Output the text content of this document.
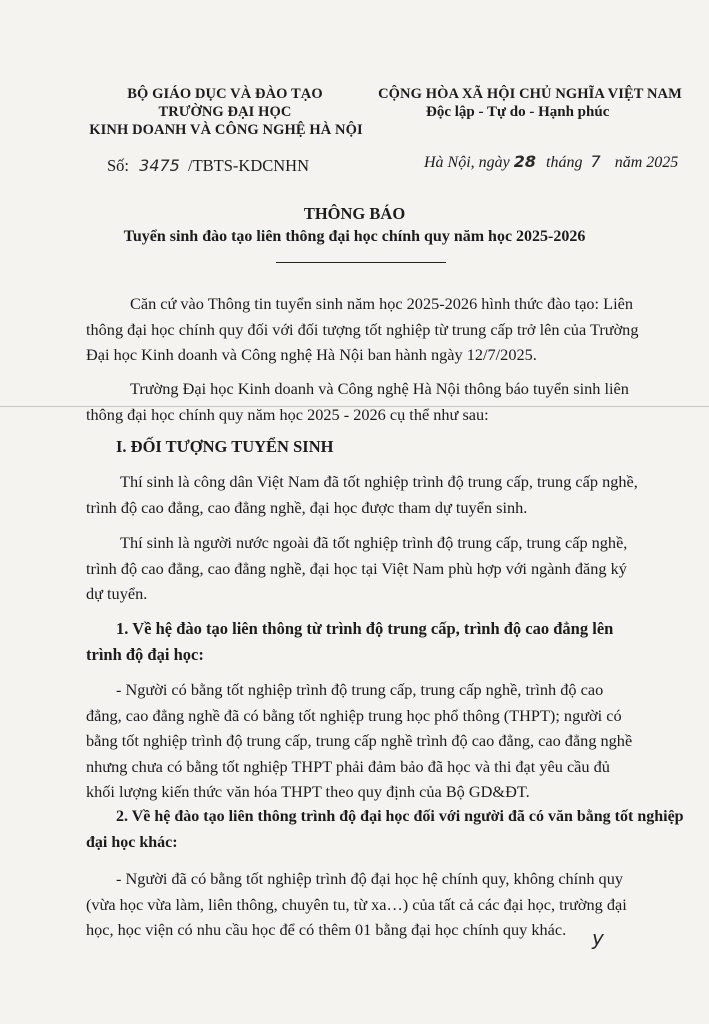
BỘ GIÁO DỤC VÀ ĐÀO TẠO
TRƯỜNG ĐẠI HỌC
KINH DOANH VÀ CÔNG NGHỆ HÀ NỘI
CỘNG HÒA XÃ HỘI CHỦ NGHĨA VIỆT NAM
Độc lập - Tự do - Hạnh phúc
Số: 3475 /TBTS-KDCNHN	Hà Nội, ngày 28 tháng 7 năm 2025
THÔNG BÁO
Tuyển sinh đào tạo liên thông đại học chính quy năm học 2025-2026
Căn cứ vào Thông tin tuyển sinh năm học 2025-2026 hình thức đào tạo: Liên
thông đại học chính quy đối với đối tượng tốt nghiệp từ trung cấp trở lên của Trường
Đại học Kinh doanh và Công nghệ Hà Nội ban hành ngày 12/7/2025.
Trường Đại học Kinh doanh và Công nghệ Hà Nội thông báo tuyển sinh liên
thông đại học chính quy năm học 2025 - 2026 cụ thể như sau:
I. ĐỐI TƯỢNG TUYỂN SINH
Thí sinh là công dân Việt Nam đã tốt nghiệp trình độ trung cấp, trung cấp nghề,
trình độ cao đẳng, cao đẳng nghề, đại học được tham dự tuyển sinh.
Thí sinh là người nước ngoài đã tốt nghiệp trình độ trung cấp, trung cấp nghề,
trình độ cao đẳng, cao đẳng nghề, đại học tại Việt Nam phù hợp với ngành đăng ký
dự tuyển.
1. Về hệ đào tạo liên thông từ trình độ trung cấp, trình độ cao đẳng lên
trình độ đại học:
- Người có bằng tốt nghiệp trình độ trung cấp, trung cấp nghề, trình độ cao
đẳng, cao đẳng nghề đã có bằng tốt nghiệp trung học phổ thông (THPT); người có
bằng tốt nghiệp trình độ trung cấp, trung cấp nghề trình độ cao đẳng, cao đẳng nghề
nhưng chưa có bằng tốt nghiệp THPT phải đảm bảo đã học và thi đạt yêu cầu đủ
khối lượng kiến thức văn hóa THPT theo quy định của Bộ GD&ĐT.
2. Về hệ đào tạo liên thông trình độ đại học đối với người đã có văn bằng tốt nghiệp
đại học khác:
- Người đã có bằng tốt nghiệp trình độ đại học hệ chính quy, không chính quy
(vừa học vừa làm, liên thông, chuyên tu, từ xa…) của tất cả các đại học, trường đại
học, học viện có nhu cầu học để có thêm 01 bằng đại học chính quy khác.	y
